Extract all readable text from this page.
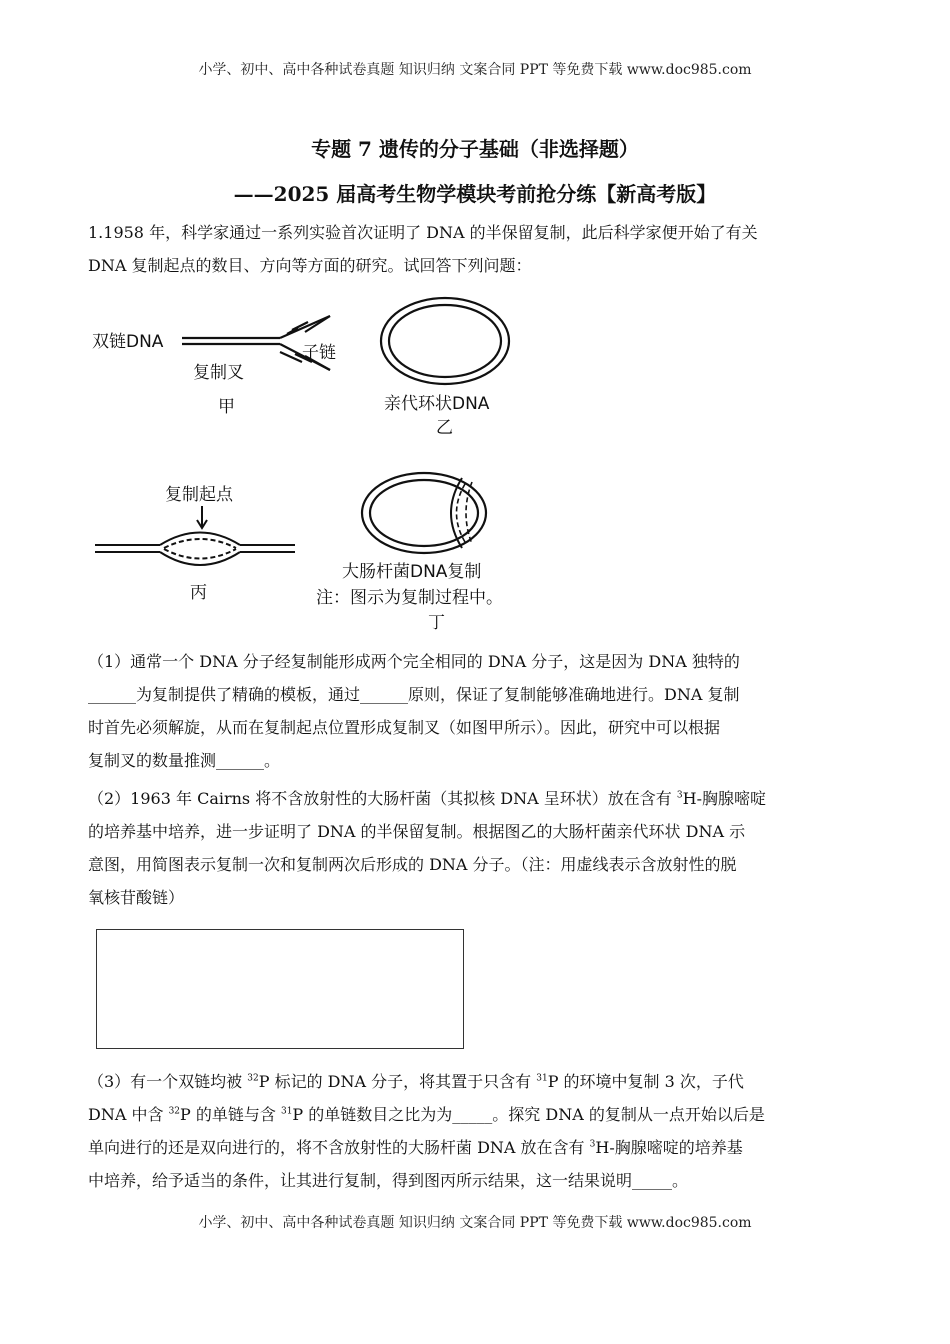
小学、初中、高中各种试卷真题 知识归纳 文案合同 PPT 等免费下载 www.doc985.com
专题 7 遗传的分子基础（非选择题）
——2025 届高考生物学模块考前抢分练【新高考版】
1.1958 年，科学家通过一系列实验首次证明了 DNA 的半保留复制，此后科学家便开始了有关
DNA 复制起点的数目、方向等方面的研究。试回答下列问题：
双链DNA
子链
复制叉
甲	亲代环状DNA
乙
复制起点
丙
大肠杆菌DNA复制
注：图示为复制过程中。
丁
（1）通常一个 DNA 分子经复制能形成两个完全相同的 DNA 分子，这是因为 DNA 独特的
______为复制提供了精确的模板，通过______原则，保证了复制能够准确地进行。DNA 复制
时首先必须解旋，从而在复制起点位置形成复制叉（如图甲所示）。因此，研究中可以根据
复制叉的数量推测______。
（2）1963 年 Cairns 将不含放射性的大肠杆菌（其拟核 DNA 呈环状）放在含有 $^3$H-胸腺嘧啶
的培养基中培养，进一步证明了 DNA 的半保留复制。根据图乙的大肠杆菌亲代环状 DNA 示
意图，用简图表示复制一次和复制两次后形成的 DNA 分子。（注：用虚线表示含放射性的脱
氧核苷酸链）
（3）有一个双链均被 $^{32}$P 标记的 DNA 分子，将其置于只含有 $^{31}$P 的环境中复制 3 次，子代
DNA 中含 $^{32}$P 的单链与含 $^{31}$P 的单链数目之比为为_____。探究 DNA 的复制从一点开始以后是
单向进行的还是双向进行的，将不含放射性的大肠杆菌 DNA 放在含有 $^3$H-胸腺嘧啶的培养基
中培养，给予适当的条件，让其进行复制，得到图丙所示结果，这一结果说明_____。
小学、初中、高中各种试卷真题 知识归纳 文案合同 PPT 等免费下载 www.doc985.com
